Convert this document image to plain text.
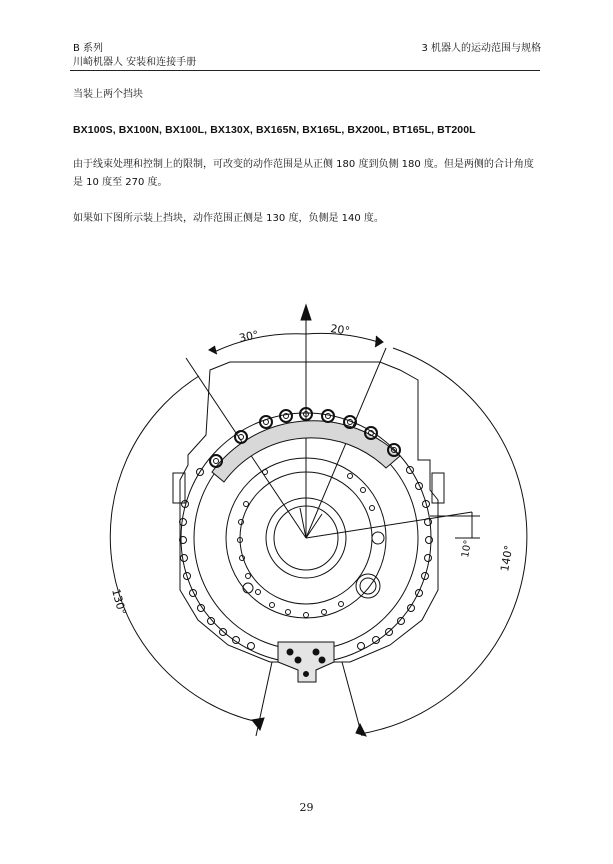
B 系列
川崎机器人 安装和连接手册
3 机器人的运动范围与规格
当装上两个挡块
BX100S, BX100N, BX100L, BX130X, BX165N, BX165L, BX200L, BT165L, BT200L
由于线束处理和控制上的限制，可改变的动作范围是从正侧 180 度到负侧 180 度。但是两侧的合计角度
是 10 度至 270 度。
如果如下图所示装上挡块，动作范围正侧是 130 度，负侧是 140 度。
30°	20°
130°
140°
10°
29
